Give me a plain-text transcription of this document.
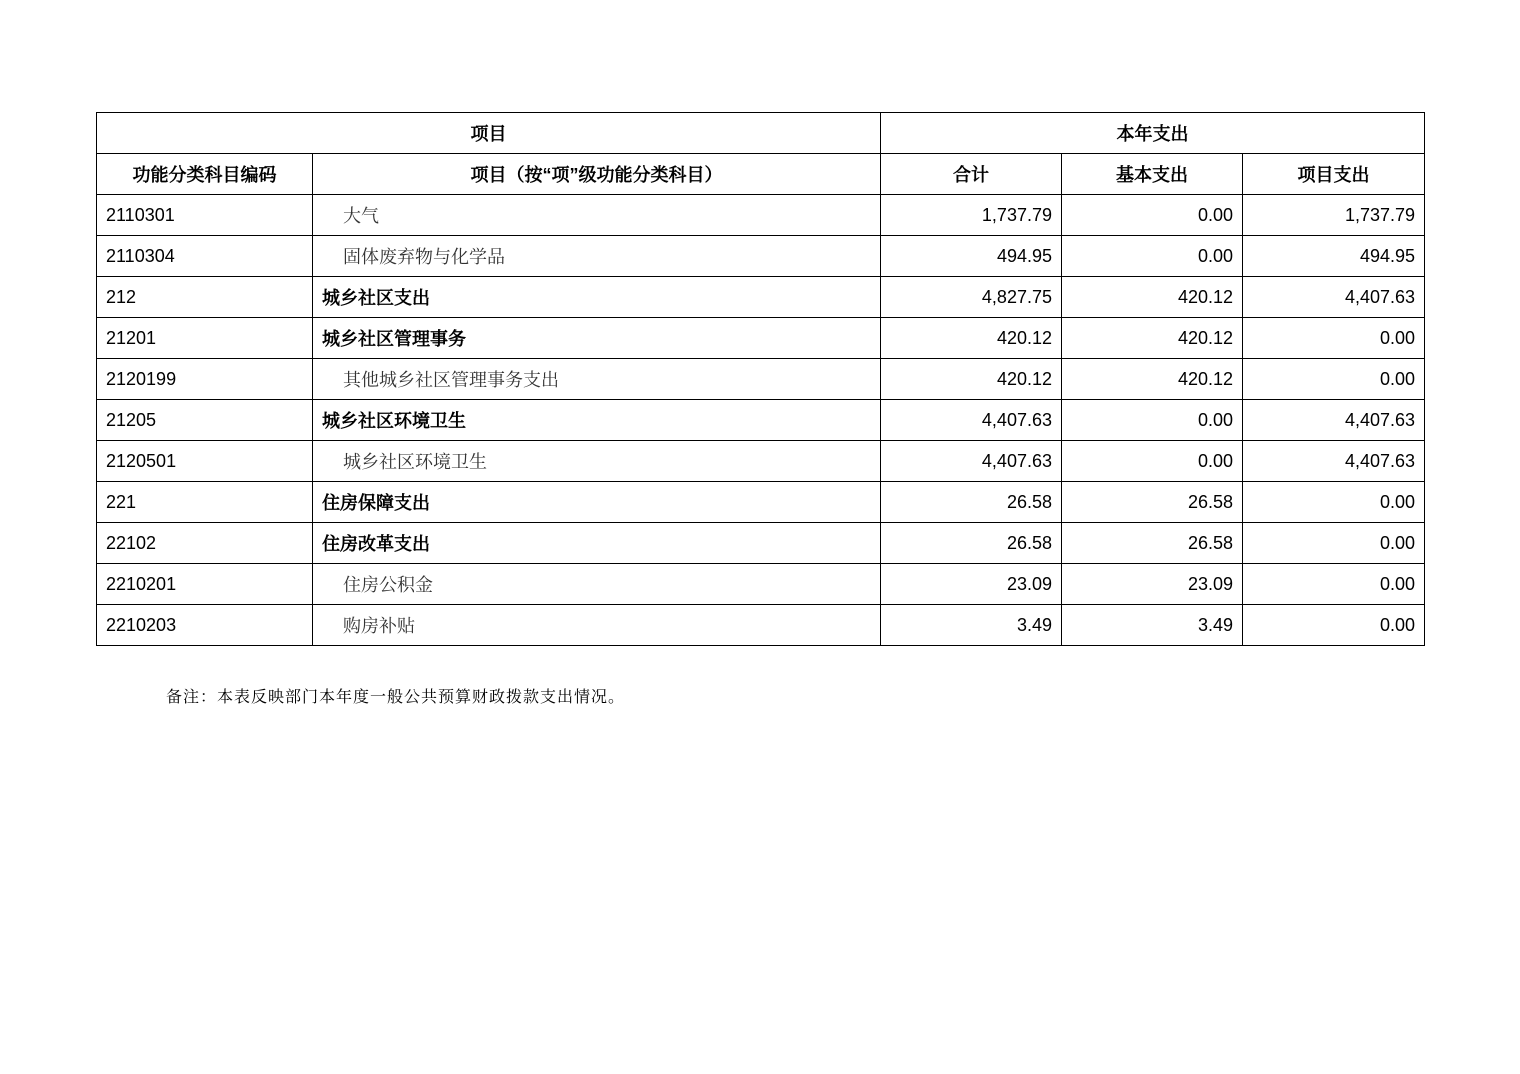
项目		本年支出		
功能分类科目编码	项目（按“项”级功能分类科目）	合计	基本支出	项目支出
2110301	大气	1,737.79	0.00	1,737.79
2110304	固体废弃物与化学品	494.95	0.00	494.95
212	城乡社区支出	4,827.75	420.12	4,407.63
21201	城乡社区管理事务	420.12	420.12	0.00
2120199	其他城乡社区管理事务支出	420.12	420.12	0.00
21205	城乡社区环境卫生	4,407.63	0.00	4,407.63
2120501	城乡社区环境卫生	4,407.63	0.00	4,407.63
221	住房保障支出	26.58	26.58	0.00
22102	住房改革支出	26.58	26.58	0.00
2210201	住房公积金	23.09	23.09	0.00
2210203	购房补贴	3.49	3.49	0.00
备注：本表反映部门本年度一般公共预算财政拨款支出情况。
